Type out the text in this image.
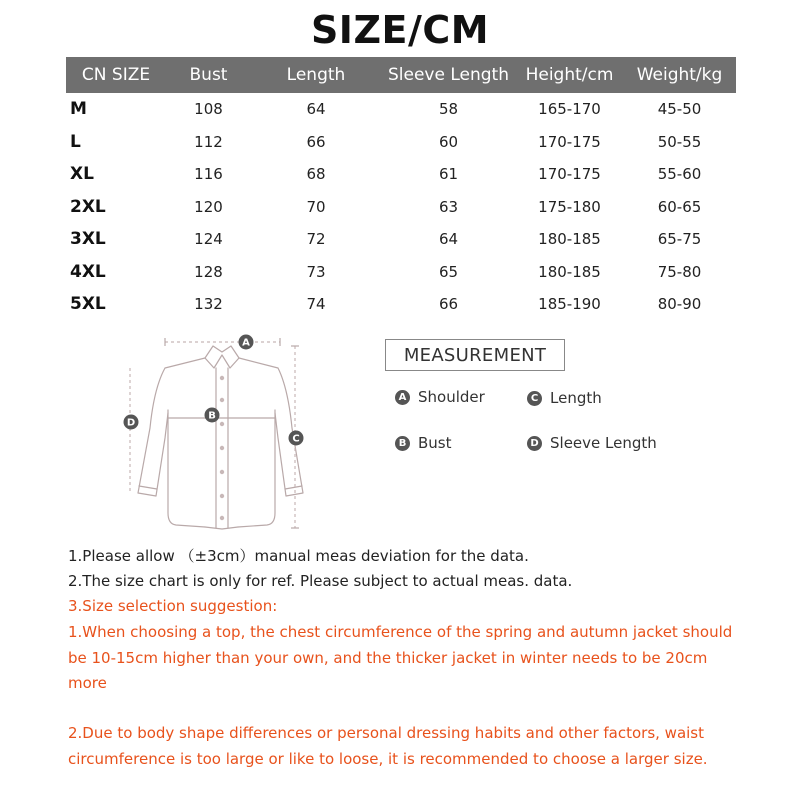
SIZE/CM
CN SIZE	Bust	Length	Sleeve Length	Height/cm	Weight/kg
M	108	64	58	165-170	45-50
L	112	66	60	170-175	50-55
XL	116	68	61	170-175	55-60
2XL	120	70	63	175-180	60-65
3XL	124	72	64	180-185	65-75
4XL	128	73	65	180-185	75-80
5XL	132	74	66	185-190	80-90
A
B
C
D
MEASUREMENT
A Shoulder	C Length
B Bust	D Sleeve Length
1.Please allow （±3cm）manual meas deviation for the data.
2.The size chart is only for ref. Please subject to actual meas. data.
3.Size selection suggestion:
1.When choosing a top, the chest circumference of the spring and autumn jacket should be 10-15cm higher than your own, and the thicker jacket in winter needs to be 20cm more
2.Due to body shape differences or personal dressing habits and other factors, waist circumference is too large or like to loose, it is recommended to choose a larger size.
